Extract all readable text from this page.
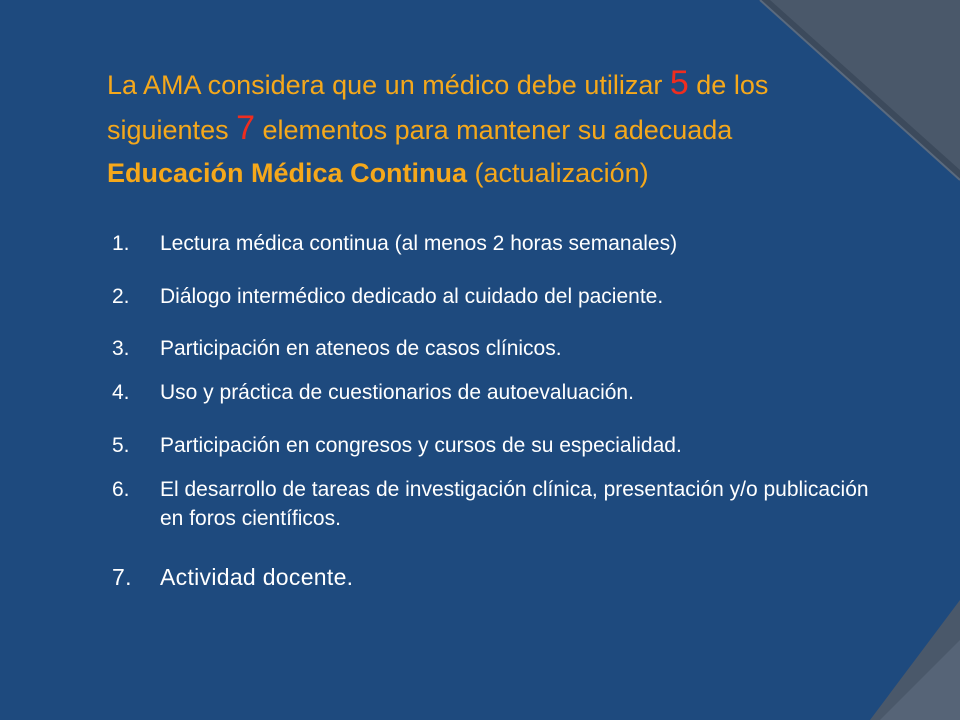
La AMA considera que un médico debe utilizar 5 de los siguientes 7 elementos para mantener su adecuada Educación Médica Continua (actualización)
1.	Lectura médica continua (al menos 2 horas semanales)
2.	Diálogo intermédico dedicado al cuidado del paciente.
3.	Participación en ateneos de casos clínicos.
4.	Uso y práctica de cuestionarios de autoevaluación.
5.	Participación en congresos y cursos de su especialidad.
6.	El desarrollo de tareas de investigación clínica, presentación y/o publicación en foros científicos.
7.	Actividad docente.
